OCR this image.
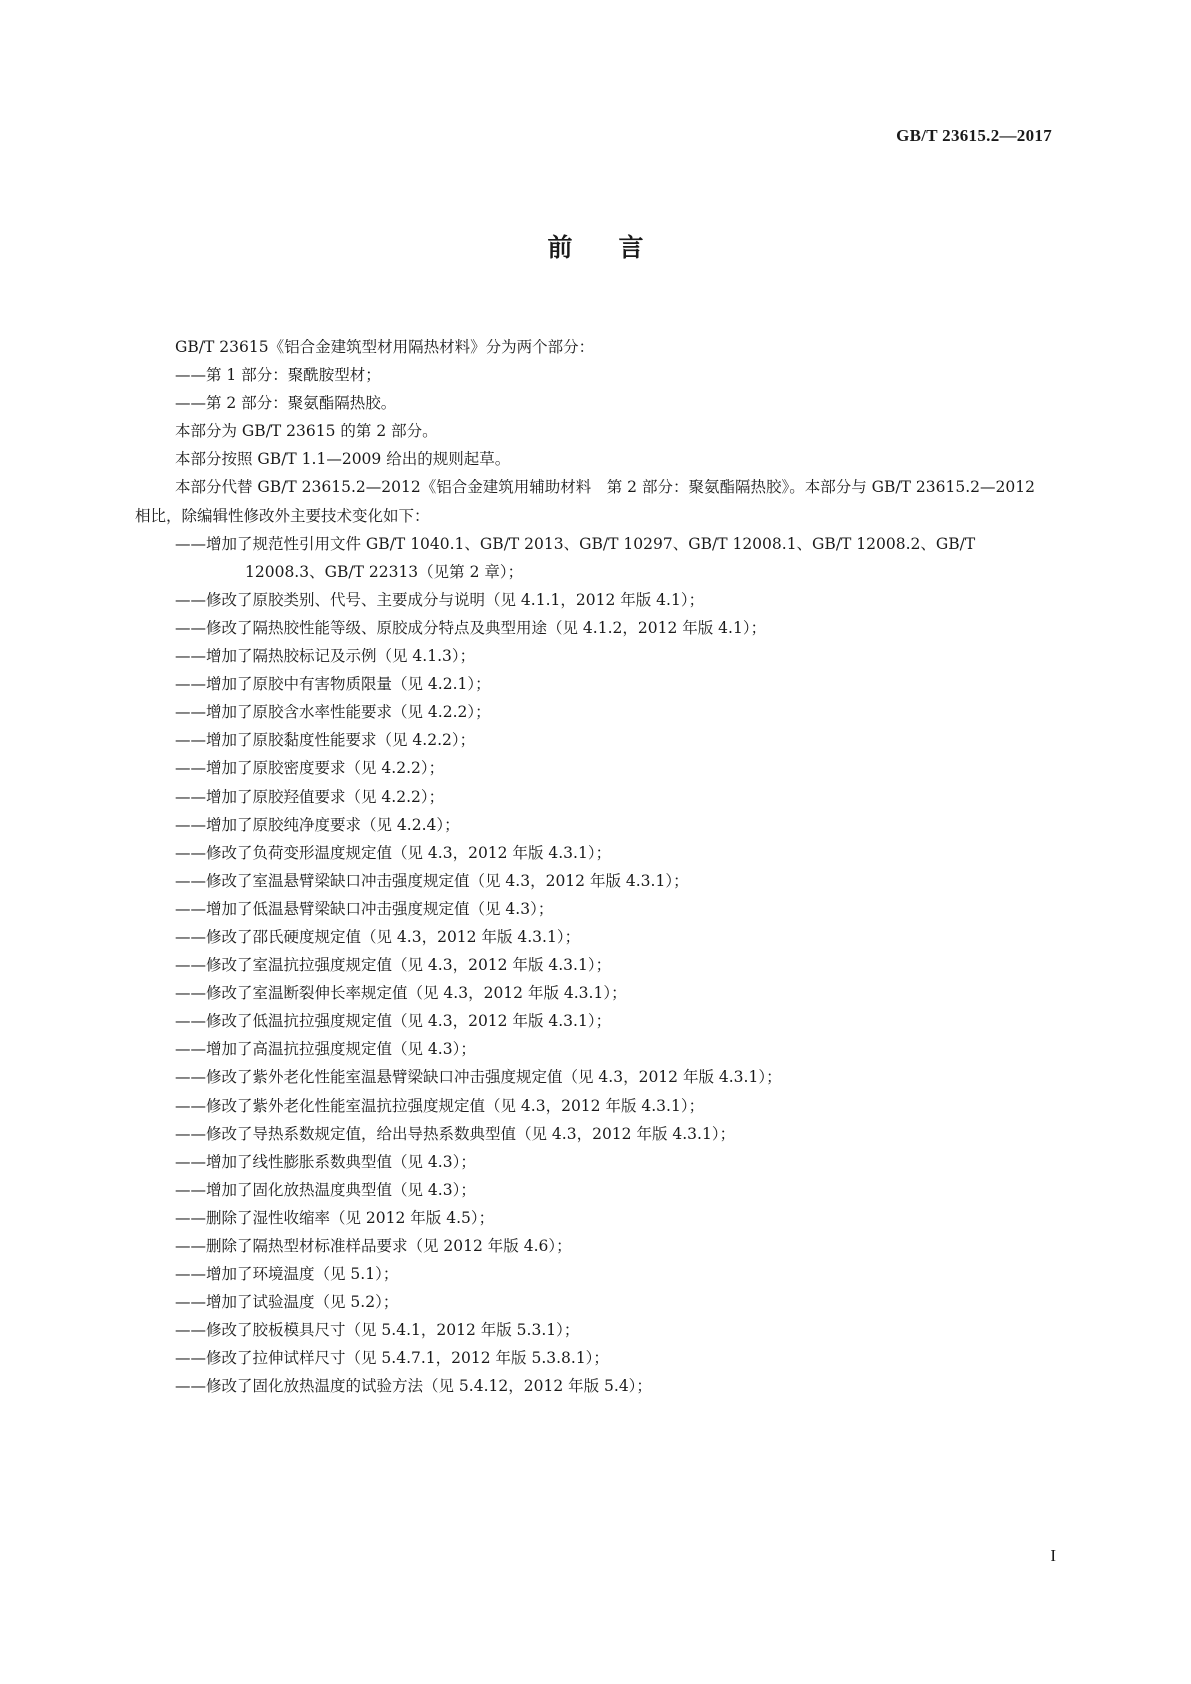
GB/T 23615.2—2017
前言

GB/T 23615《铝合金建筑型材用隔热材料》分为两个部分：

——第 1 部分：聚酰胺型材；

——第 2 部分：聚氨酯隔热胶。

本部分为 GB/T 23615 的第 2 部分。

本部分按照 GB/T 1.1—2009 给出的规则起草。

本部分代替 GB/T 23615.2—2012《铝合金建筑用辅助材料　第 2 部分：聚氨酯隔热胶》。本部分与 GB/T 23615.2—2012 相比，除编辑性修改外主要技术变化如下：

——增加了规范性引用文件 GB/T 1040.1、GB/T 2013、GB/T 10297、GB/T 12008.1、GB/T 12008.2、GB/T 12008.3、GB/T 22313（见第 2 章）；

——修改了原胶类别、代号、主要成分与说明（见 4.1.1，2012 年版 4.1）；

——修改了隔热胶性能等级、原胶成分特点及典型用途（见 4.1.2，2012 年版 4.1）；

——增加了隔热胶标记及示例（见 4.1.3）；

——增加了原胶中有害物质限量（见 4.2.1）；

——增加了原胶含水率性能要求（见 4.2.2）；

——增加了原胶黏度性能要求（见 4.2.2）；

——增加了原胶密度要求（见 4.2.2）；

——增加了原胶羟值要求（见 4.2.2）；

——增加了原胶纯净度要求（见 4.2.4）；

——修改了负荷变形温度规定值（见 4.3，2012 年版 4.3.1）；

——修改了室温悬臂梁缺口冲击强度规定值（见 4.3，2012 年版 4.3.1）；

——增加了低温悬臂梁缺口冲击强度规定值（见 4.3）；

——修改了邵氏硬度规定值（见 4.3，2012 年版 4.3.1）；

——修改了室温抗拉强度规定值（见 4.3，2012 年版 4.3.1）；

——修改了室温断裂伸长率规定值（见 4.3，2012 年版 4.3.1）；

——修改了低温抗拉强度规定值（见 4.3，2012 年版 4.3.1）；

——增加了高温抗拉强度规定值（见 4.3）；

——修改了紫外老化性能室温悬臂梁缺口冲击强度规定值（见 4.3，2012 年版 4.3.1）；

——修改了紫外老化性能室温抗拉强度规定值（见 4.3，2012 年版 4.3.1）；

——修改了导热系数规定值，给出导热系数典型值（见 4.3，2012 年版 4.3.1）；

——增加了线性膨胀系数典型值（见 4.3）；

——增加了固化放热温度典型值（见 4.3）；

——删除了湿性收缩率（见 2012 年版 4.5）；

——删除了隔热型材标准样品要求（见 2012 年版 4.6）；

——增加了环境温度（见 5.1）；

——增加了试验温度（见 5.2）；

——修改了胶板模具尺寸（见 5.4.1，2012 年版 5.3.1）；

——修改了拉伸试样尺寸（见 5.4.7.1，2012 年版 5.3.8.1）；

——修改了固化放热温度的试验方法（见 5.4.12，2012 年版 5.4）；

I
